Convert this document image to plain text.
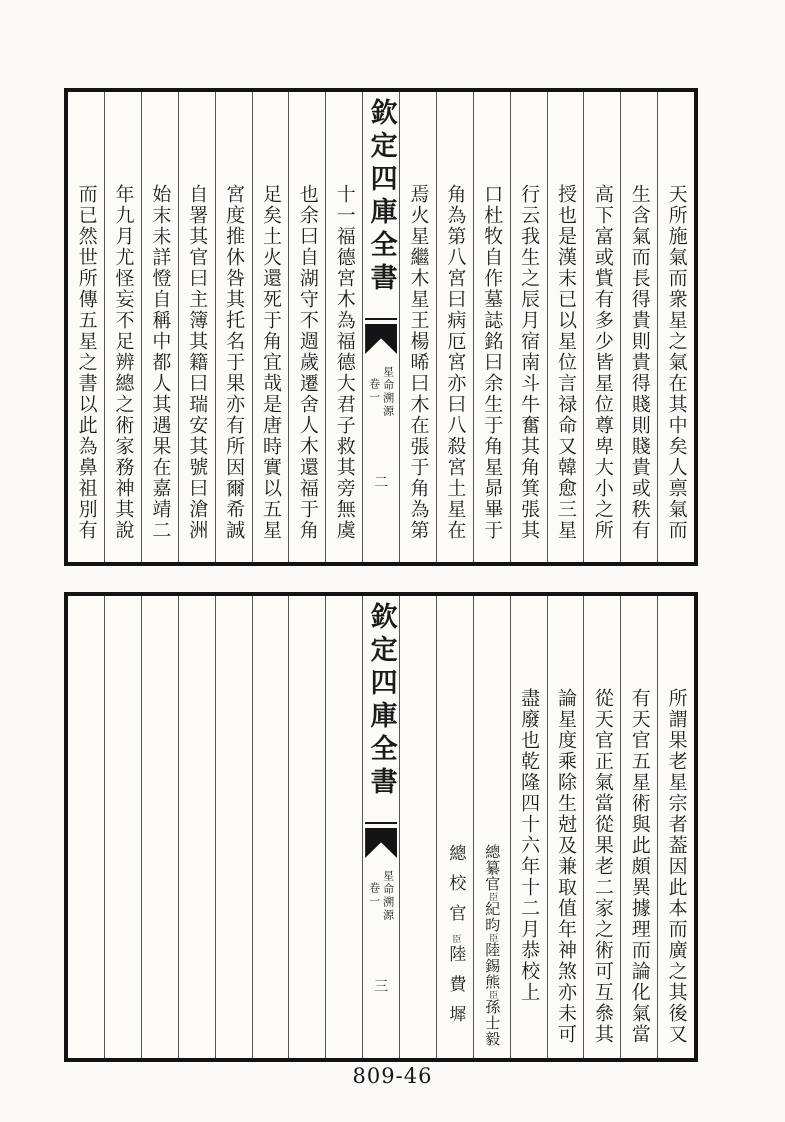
天所施氣而衆星之氣在其中矣人禀氣而
生含氣而長得貴則貴得賤則賤貴或秩有
高下富或貲有多少皆星位尊卑大小之所
授也是漢末已以星位言禄命又韓愈三星
行云我生之辰月宿南斗牛奮其角箕張其
口杜牧自作墓誌銘曰余生于角星昴畢于
角為第八宮曰病厄宮亦曰八殺宮土星在
焉火星繼木星王楊晞曰木在張于角為第
欽定四庫全書
星命溯源
卷一
二
十一福德宮木為福德大君子救其旁無虞
也余曰自湖守不週歲遷舍人木還福于角
足矣土火還死于角宜哉是唐時實以五星
宮度推休咎其托名于果亦有所因爾希誠
自署其官曰主簿其籍曰瑞安其號曰滄洲
始末未詳憕自稱中都人其遇果在嘉靖二
年九月尤怪妄不足辨總之術家務神其說
而已然世所傳五星之書以此為鼻祖別有
所謂果老星宗者葢因此本而廣之其後又
有天官五星術與此頗異據理而論化氣當
從天官正氣當從果老二家之術可互叅其
論星度乘除生尅及兼取值年神煞亦未可
盡廢也乾隆四十六年十二月恭校上
總纂官臣紀昀臣陸錫熊臣孫士毅
總校官臣陸費墀
欽定四庫全書
星命溯源
卷一
三
809-46
